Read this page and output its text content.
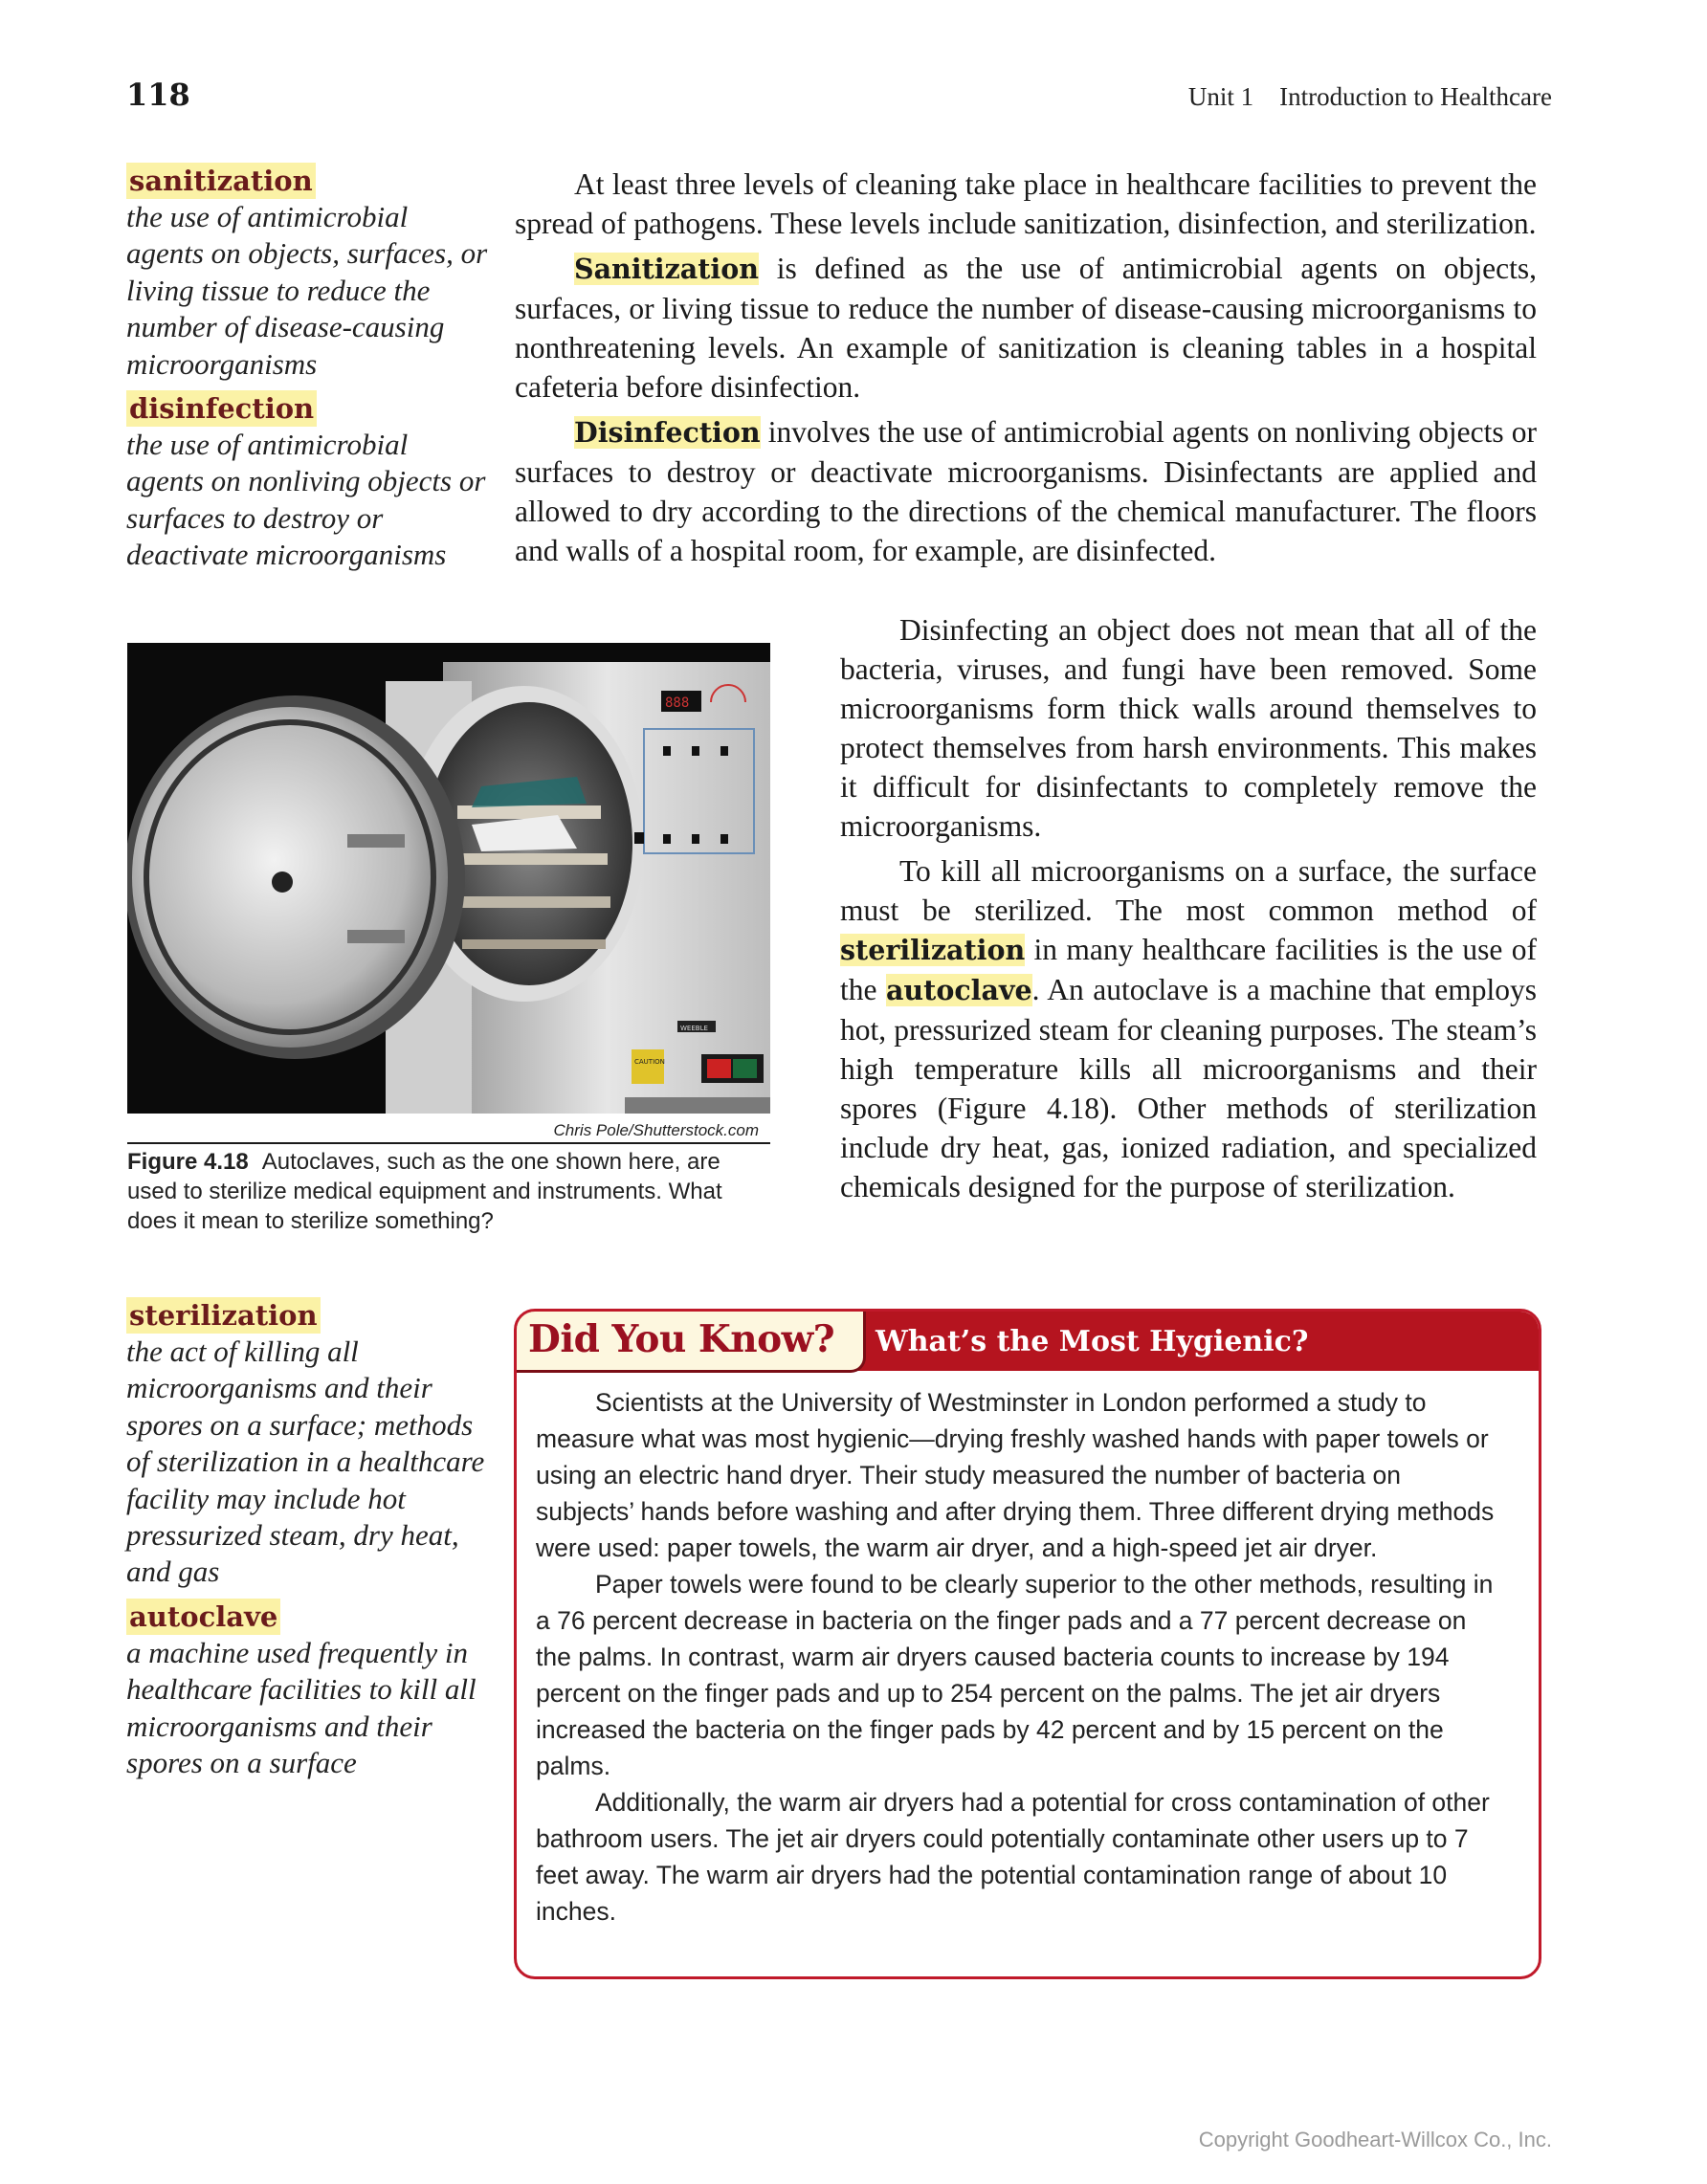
118	Unit 1    Introduction to Healthcare
sanitization

the use of antimicrobial agents on objects, surfaces, or living tissue to reduce the number of disease-causing microorganisms

disinfection

the use of antimicrobial agents on nonliving objects or surfaces to destroy or deactivate microorganisms

At least three levels of cleaning take place in healthcare facilities to prevent the spread of pathogens. These levels include sanitization, disinfection, and sterilization.

Sanitization is defined as the use of antimicrobial agents on objects, surfaces, or living tissue to reduce the number of disease-causing microorganisms to nonthreatening levels. An example of sanitization is cleaning tables in a hospital cafeteria before disinfection.

Disinfection involves the use of antimicrobial agents on nonliving objects or surfaces to destroy or deactivate microorganisms. Disinfectants are applied and allowed to dry according to the directions of the chemical manufacturer. The floors and walls of a hospital room, for example, are disinfected.

Disinfecting an object does not mean that all of the bacteria, viruses, and fungi have been removed. Some microorganisms form thick walls around themselves to protect themselves from harsh environments. This makes it difficult for disinfectants to completely remove the microorganisms.

To kill all microorganisms on a surface, the surface must be sterilized. The most common method of sterilization in many healthcare facilities is the use of the autoclave. An autoclave is a machine that employs hot, pressurized steam for cleaning purposes. The steam’s high temperature kills all microorganisms and their spores (Figure 4.18). Other methods of sterilization include dry heat, gas, ionized radiation, and specialized chemicals designed for the purpose of sterilization.

888
WEEBLE
CAUTION
Chris Pole/Shutterstock.com
Figure 4.18 Autoclaves, such as the one shown here, are used to sterilize medical equipment and instruments. What does it mean to sterilize something?
sterilization

the act of killing all microorganisms and their spores on a surface; methods of sterilization in a healthcare facility may include hot pressurized steam, dry heat, and gas

autoclave

a machine used frequently in healthcare facilities to kill all microorganisms and their spores on a surface

Did You Know? What’s the Most Hygienic?

Scientists at the University of Westminster in London performed a study to measure what was most hygienic—drying freshly washed hands with paper towels or using an electric hand dryer. Their study measured the number of bacteria on subjects’ hands before washing and after drying them. Three different drying methods were used: paper towels, the warm air dryer, and a high-speed jet air dryer.

Paper towels were found to be clearly superior to the other methods, resulting in a 76 percent decrease in bacteria on the finger pads and a 77 percent decrease on the palms. In contrast, warm air dryers caused bacteria counts to increase by 194 percent on the finger pads and up to 254 percent on the palms. The jet air dryers increased the bacteria on the finger pads by 42 percent and by 15 percent on the palms.

Additionally, the warm air dryers had a potential for cross contamination of other bathroom users. The jet air dryers could potentially contaminate other users up to 7 feet away. The warm air dryers had the potential contamination range of about 10 inches.

Copyright Goodheart-Willcox Co., Inc.
